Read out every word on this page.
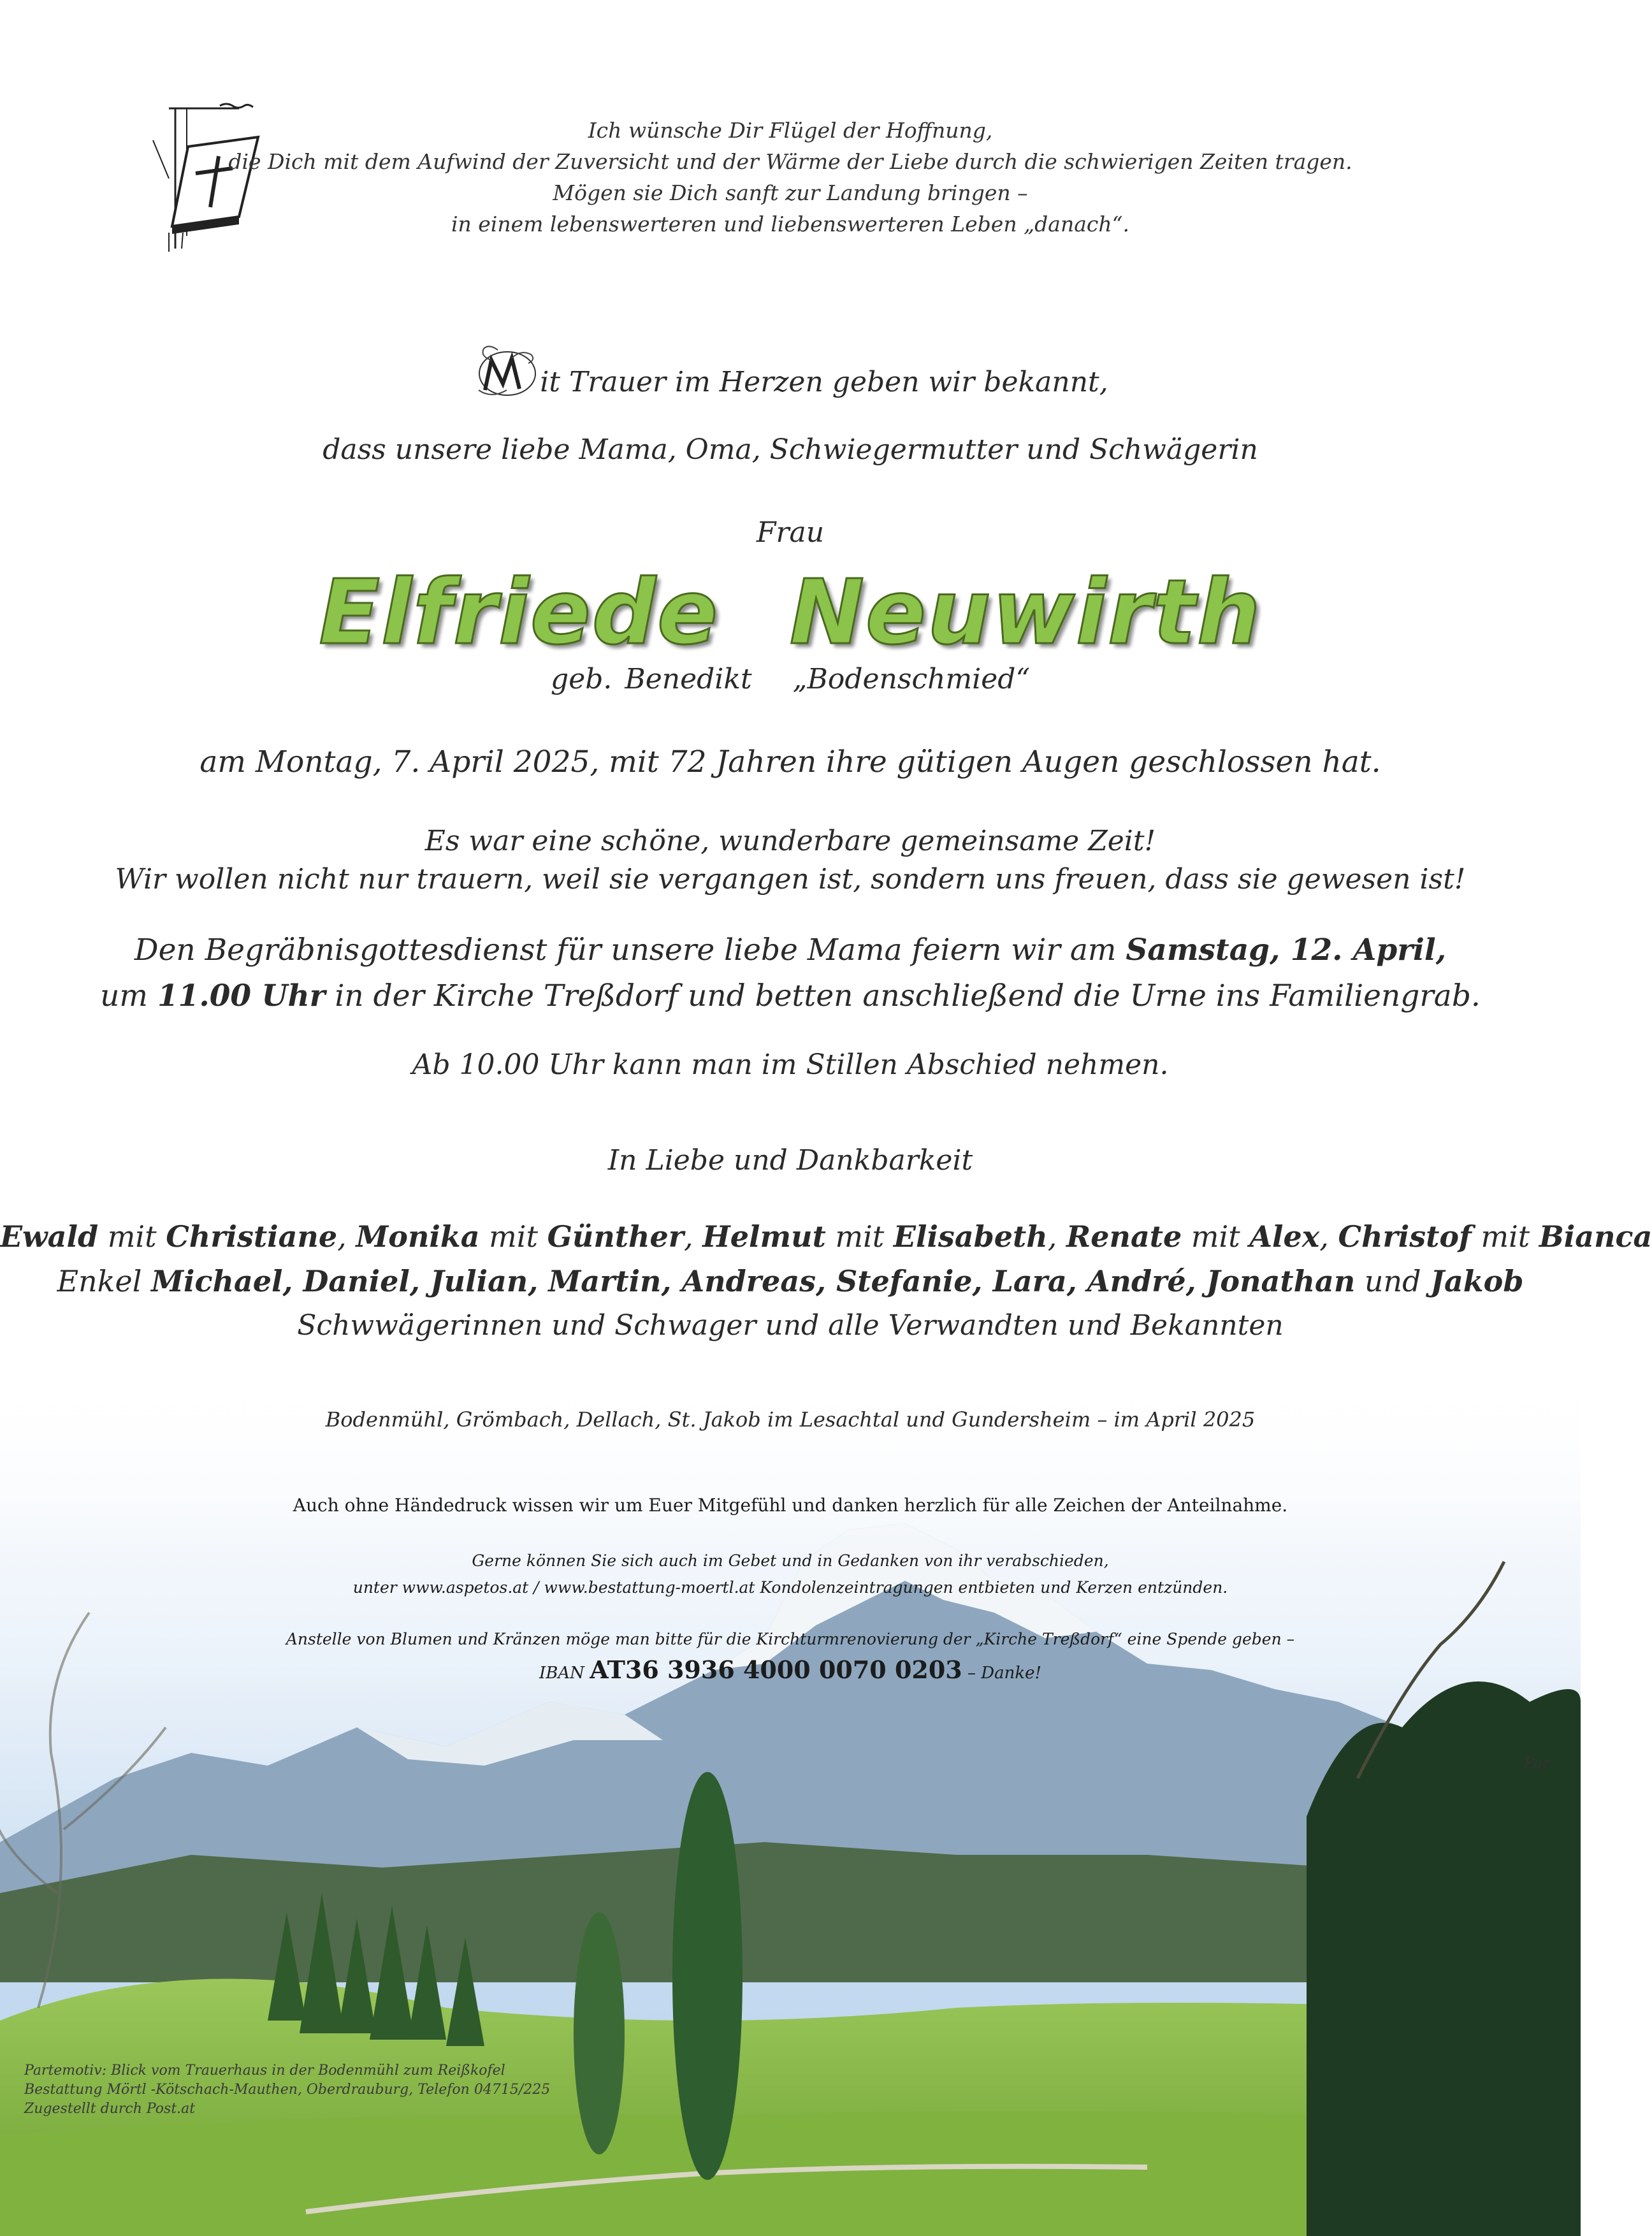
Ich wünsche Dir Flügel der Hoffnung,
die Dich mit dem Aufwind der Zuversicht und der Wärme der Liebe durch die schwierigen Zeiten tragen.
Mögen sie Dich sanft zur Landung bringen –
in einem lebenswerteren und liebenswerteren Leben „danach“.
it Trauer im Herzen geben wir bekannt,
dass unsere liebe Mama, Oma, Schwiegermutter und Schwägerin
Frau
Elfriede Neuwirth
geb. Benedikt „Bodenschmied“
am Montag, 7. April 2025, mit 72 Jahren ihre gütigen Augen geschlossen hat.
Es war eine schöne, wunderbare gemeinsame Zeit!
Wir wollen nicht nur trauern, weil sie vergangen ist, sondern uns freuen, dass sie gewesen ist!
Den Begräbnisgottesdienst für unsere liebe Mama feiern wir am Samstag, 12. April,
um 11.00 Uhr in der Kirche Treßdorf und betten anschließend die Urne ins Familiengrab.
Ab 10.00 Uhr kann man im Stillen Abschied nehmen.
In Liebe und Dankbarkeit
Ewald mit Christiane, Monika mit Günther, Helmut mit Elisabeth, Renate mit Alex, Christof mit Bianca
Enkel Michael, Daniel, Julian, Martin, Andreas, Stefanie, Lara, André, Jonathan und Jakob
Schwwägerinnen und Schwager und alle Verwandten und Bekannten
Bodenmühl, Grömbach, Dellach, St. Jakob im Lesachtal und Gundersheim – im April 2025
Auch ohne Händedruck wissen wir um Euer Mitgefühl und danken herzlich für alle Zeichen der Anteilnahme.
Gerne können Sie sich auch im Gebet und in Gedanken von ihr verabschieden,
unter www.aspetos.at / www.bestattung-moertl.at Kondolenzeintragungen entbieten und Kerzen entzünden.
Anstelle von Blumen und Kränzen möge man bitte für die Kirchturmrenovierung der „Kirche Treßdorf“ eine Spende geben –
IBAN AT36 3936 4000 0070 0203 – Danke!
Par
Partemotiv: Blick vom Trauerhaus in der Bodenmühl zum Reißkofel
Bestattung Mörtl -Kötschach-Mauthen, Oberdrauburg, Telefon 04715/225
Zugestellt durch Post.at
